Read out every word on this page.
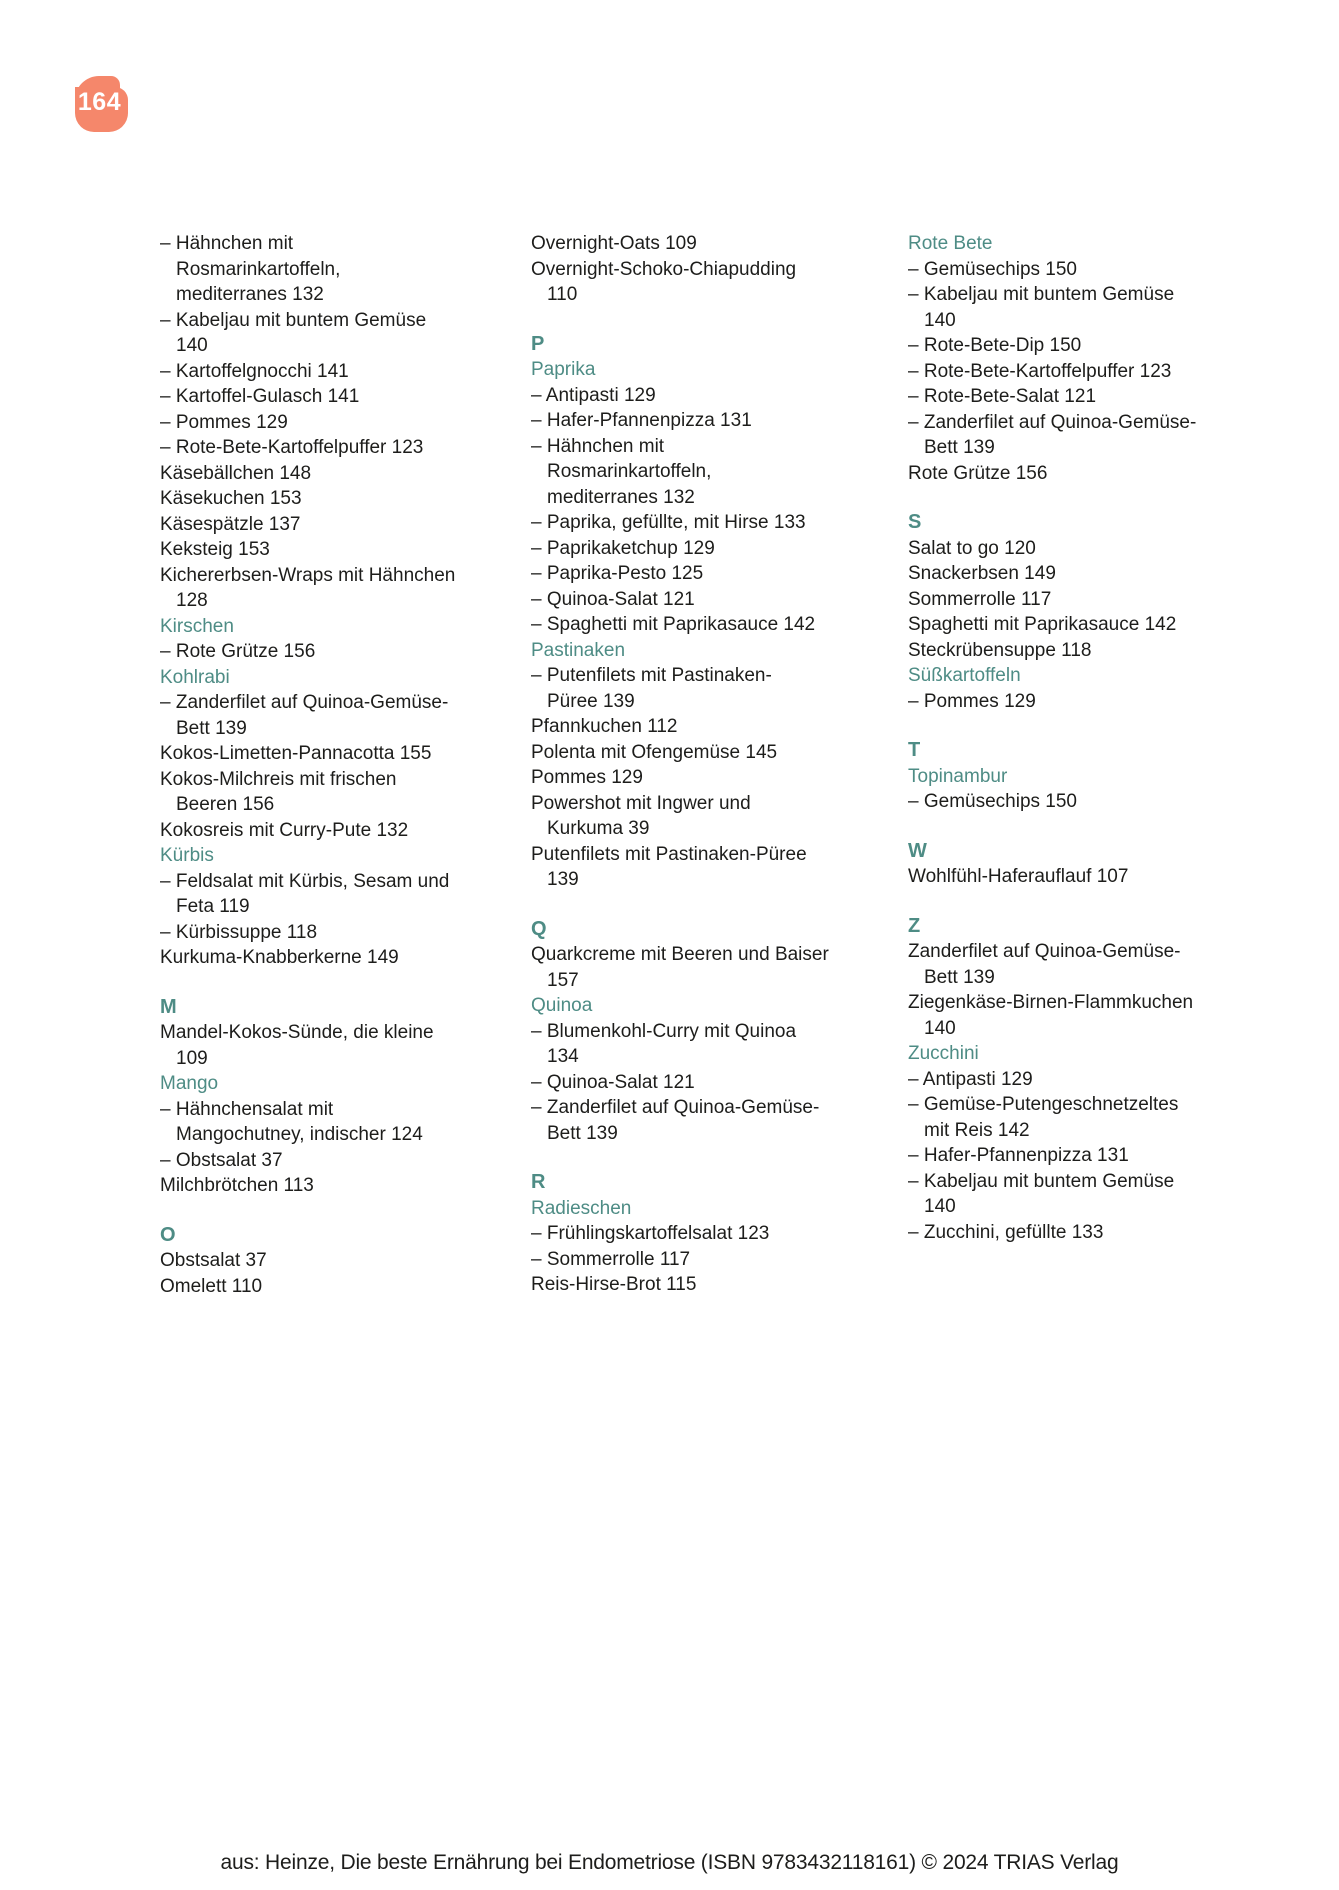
164
– Hähnchen mit
Rosmarinkartoffeln,
mediterranes 132
– Kabeljau mit buntem Gemüse
140
– Kartoffelgnocchi 141
– Kartoffel-Gulasch 141
– Pommes 129
– Rote-Bete-Kartoffelpuffer 123
Käsebällchen 148
Käsekuchen 153
Käsespätzle 137
Keksteig 153
Kichererbsen-Wraps mit Hähnchen
128
Kirschen
– Rote Grütze 156
Kohlrabi
– Zanderfilet auf Quinoa-Gemüse-
Bett 139
Kokos-Limetten-Pannacotta 155
Kokos-Milchreis mit frischen
Beeren 156
Kokosreis mit Curry-Pute 132
Kürbis
– Feldsalat mit Kürbis, Sesam und
Feta 119
– Kürbissuppe 118
Kurkuma-Knabberkerne 149
M
Mandel-Kokos-Sünde, die kleine
109
Mango
– Hähnchensalat mit
Mangochutney, indischer 124
– Obstsalat 37
Milchbrötchen 113
O
Obstsalat 37
Omelett 110
Overnight-Oats 109
Overnight-Schoko-Chiapudding
110
P
Paprika
– Antipasti 129
– Hafer-Pfannenpizza 131
– Hähnchen mit
Rosmarinkartoffeln,
mediterranes 132
– Paprika, gefüllte, mit Hirse 133
– Paprikaketchup 129
– Paprika-Pesto 125
– Quinoa-Salat 121
– Spaghetti mit Paprikasauce 142
Pastinaken
– Putenfilets mit Pastinaken-
Püree 139
Pfannkuchen 112
Polenta mit Ofengemüse 145
Pommes 129
Powershot mit Ingwer und
Kurkuma 39
Putenfilets mit Pastinaken-Püree
139
Q
Quarkcreme mit Beeren und Baiser
157
Quinoa
– Blumenkohl-Curry mit Quinoa
134
– Quinoa-Salat 121
– Zanderfilet auf Quinoa-Gemüse-
Bett 139
R
Radieschen
– Frühlingskartoffelsalat 123
– Sommerrolle 117
Reis-Hirse-Brot 115
Rote Bete
– Gemüsechips 150
– Kabeljau mit buntem Gemüse
140
– Rote-Bete-Dip 150
– Rote-Bete-Kartoffelpuffer 123
– Rote-Bete-Salat 121
– Zanderfilet auf Quinoa-Gemüse-
Bett 139
Rote Grütze 156
S
Salat to go 120
Snackerbsen 149
Sommerrolle 117
Spaghetti mit Paprikasauce 142
Steckrübensuppe 118
Süßkartoffeln
– Pommes 129
T
Topinambur
– Gemüsechips 150
W
Wohlfühl-Haferauflauf 107
Z
Zanderfilet auf Quinoa-Gemüse-
Bett 139
Ziegenkäse-Birnen-Flammkuchen
140
Zucchini
– Antipasti 129
– Gemüse-Putengeschnetzeltes
mit Reis 142
– Hafer-Pfannenpizza 131
– Kabeljau mit buntem Gemüse
140
– Zucchini, gefüllte 133
aus: Heinze, Die beste Ernährung bei Endometriose (ISBN 9783432118161) © 2024 TRIAS Verlag
